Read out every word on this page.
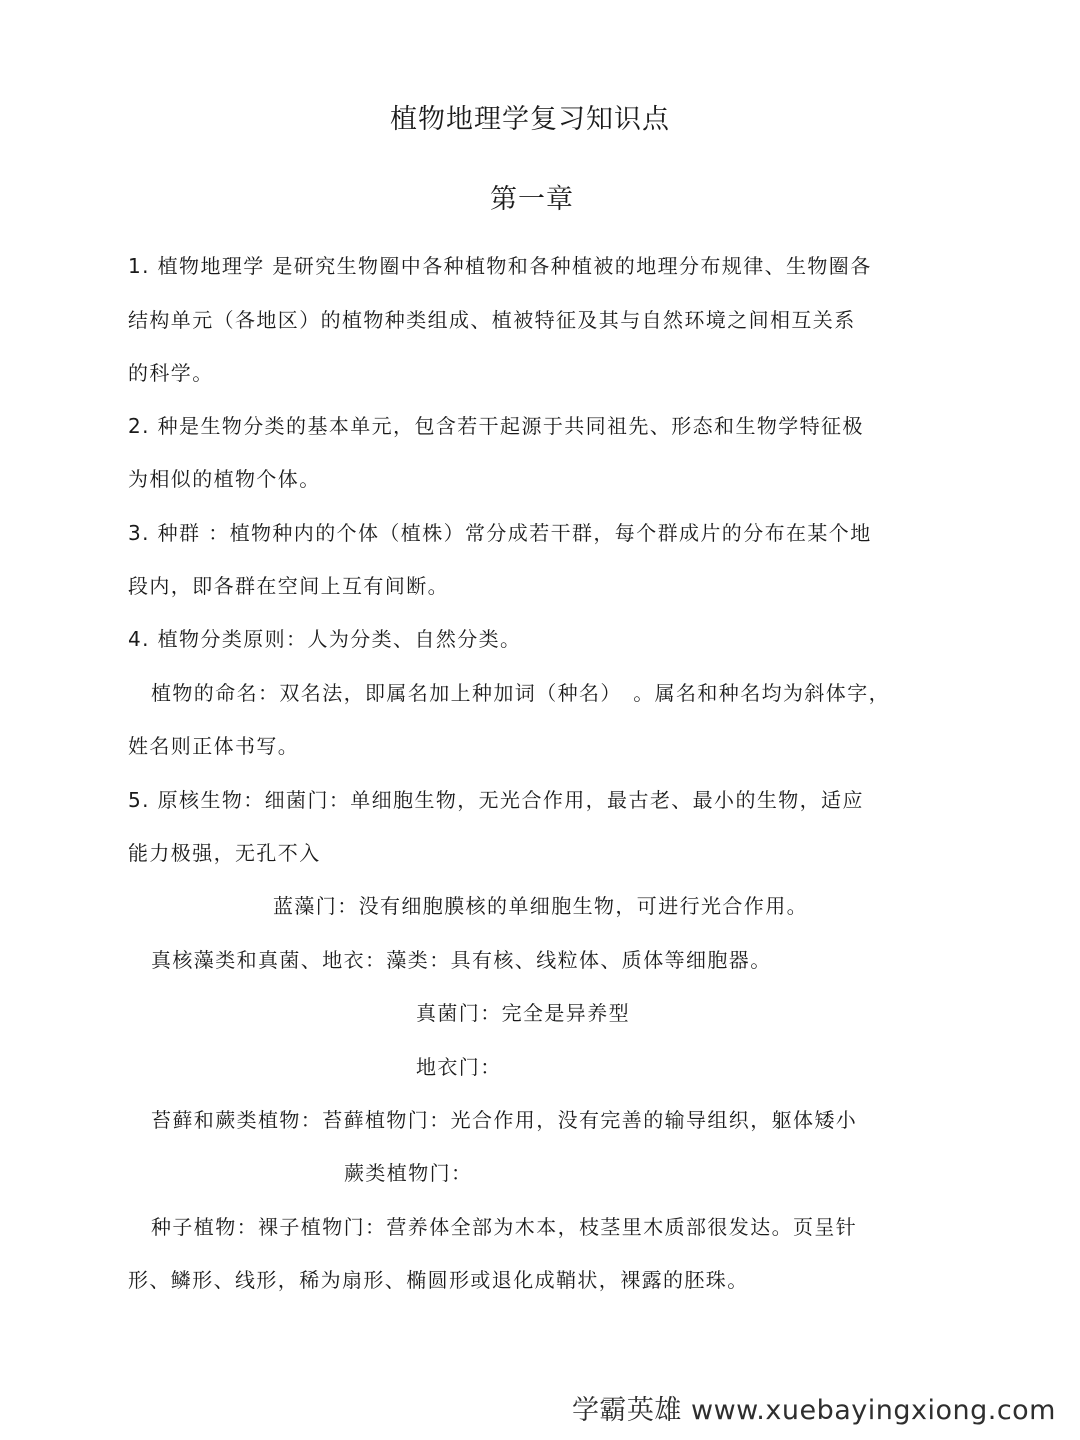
植物地理学复习知识点
第一章
1. 植物地理学 是研究生物圈中各种植物和各种植被的地理分布规律、生物圈各
结构单元（各地区）的植物种类组成、植被特征及其与自然环境之间相互关系
的科学。
2. 种是生物分类的基本单元，包含若干起源于共同祖先、形态和生物学特征极
为相似的植物个体。
3. 种群 ：植物种内的个体（植株）常分成若干群，每个群成片的分布在某个地
段内，即各群在空间上互有间断。
4. 植物分类原则：人为分类、自然分类。
植物的命名：双名法，即属名加上种加词（种名）　。属名和种名均为斜体字，
姓名则正体书写。
5. 原核生物：细菌门：单细胞生物，无光合作用，最古老、最小的生物，适应
能力极强，无孔不入
蓝藻门：没有细胞膜核的单细胞生物，可进行光合作用。
真核藻类和真菌、地衣：藻类：具有核、线粒体、质体等细胞器。
真菌门：完全是异养型
地衣门：
苔藓和蕨类植物：苔藓植物门：光合作用，没有完善的输导组织，躯体矮小
蕨类植物门：
种子植物：裸子植物门：营养体全部为木本，枝茎里木质部很发达。页呈针
形、鳞形、线形，稀为扇形、椭圆形或退化成鞘状，裸露的胚珠。
学霸英雄 www.xuebayingxiong.com
